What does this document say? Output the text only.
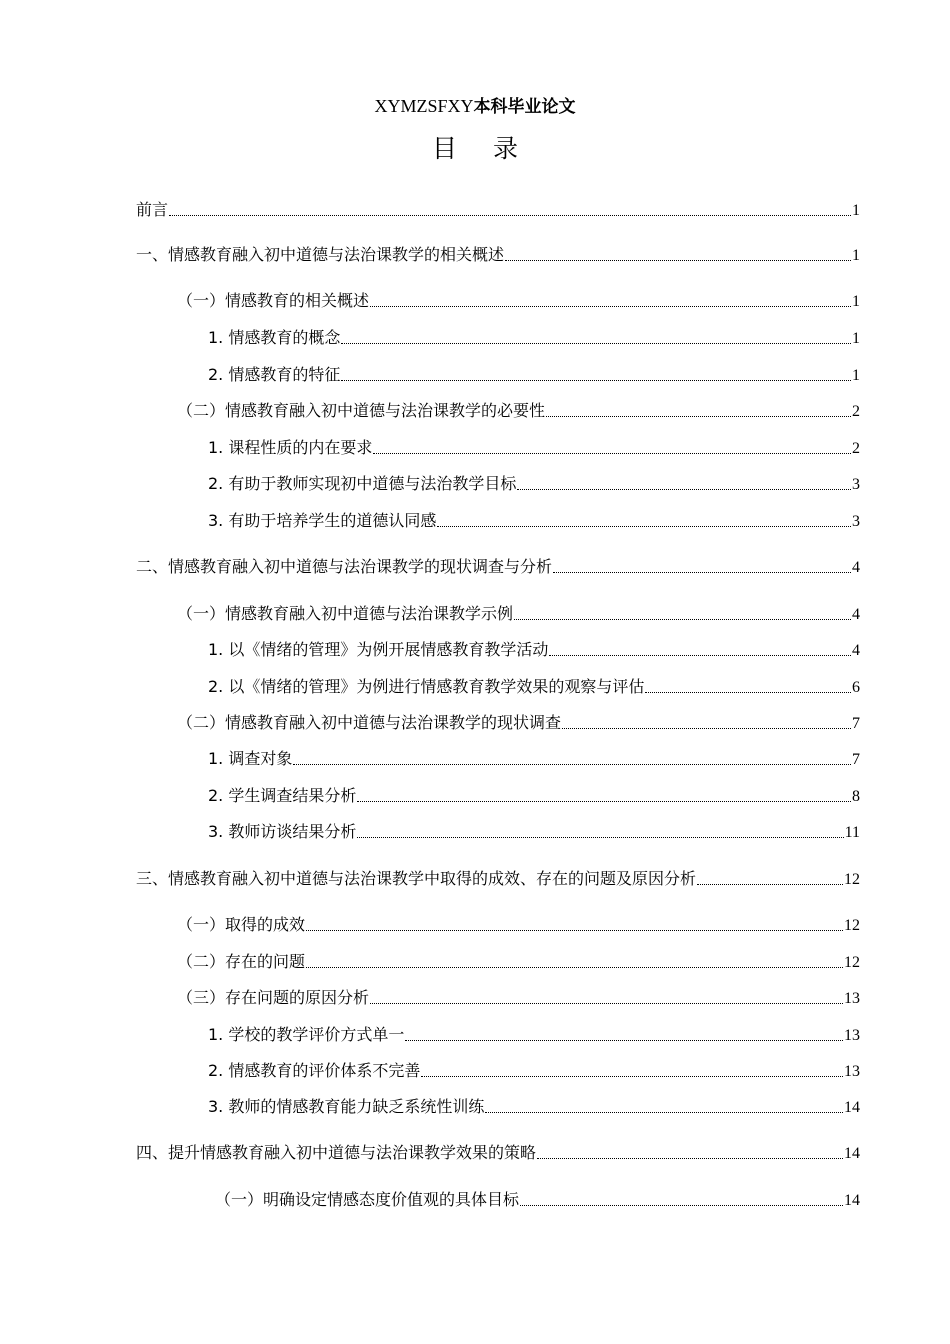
XYMZSFXY本科毕业论文
目 录
前言	1
一、情感教育融入初中道德与法治课教学的相关概述	1
（一）情感教育的相关概述	1
1. 情感教育的概念	1
2. 情感教育的特征	1
（二）情感教育融入初中道德与法治课教学的必要性	2
1. 课程性质的内在要求	2
2. 有助于教师实现初中道德与法治教学目标	3
3. 有助于培养学生的道德认同感	3
二、情感教育融入初中道德与法治课教学的现状调查与分析	4
（一）情感教育融入初中道德与法治课教学示例	4
1. 以《情绪的管理》为例开展情感教育教学活动	4
2. 以《情绪的管理》为例进行情感教育教学效果的观察与评估	6
（二）情感教育融入初中道德与法治课教学的现状调查	7
1. 调查对象	7
2. 学生调查结果分析	8
3. 教师访谈结果分析	11
三、情感教育融入初中道德与法治课教学中取得的成效、存在的问题及原因分析	12
（一）取得的成效	12
（二）存在的问题	12
（三）存在问题的原因分析	13
1. 学校的教学评价方式单一	13
2. 情感教育的评价体系不完善	13
3. 教师的情感教育能力缺乏系统性训练	14
四、提升情感教育融入初中道德与法治课教学效果的策略	14
（一）明确设定情感态度价值观的具体目标	14
